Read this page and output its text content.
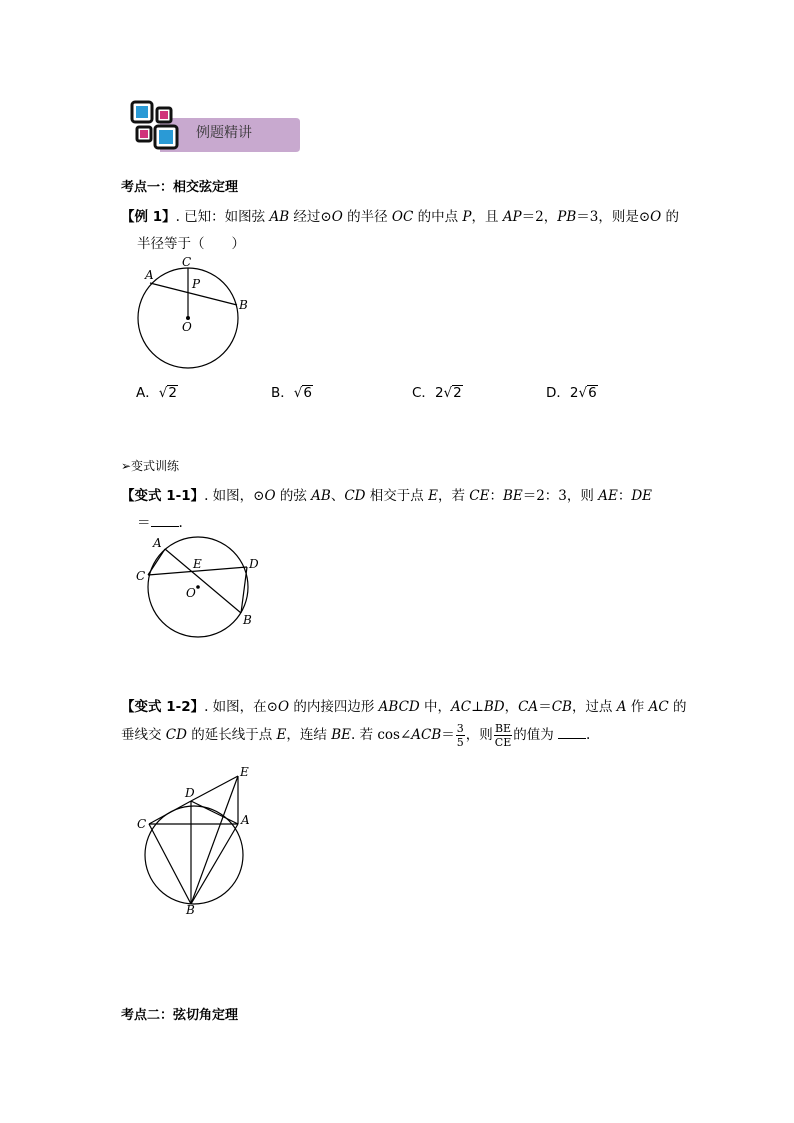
例题精讲
考点一：相交弦定理
【例 1】. 已知：如图弦 AB 经过⊙O 的半径 OC 的中点 P，且 AP＝2，PB＝3，则是⊙O 的
半径等于（　　）
C
A
P
B
O
A．√2	B．√6	C．2√2	D．2√6
➢变式训练
【变式 1-1】. 如图，⊙O 的弦 AB、CD 相交于点 E，若 CE：BE＝2：3，则 AE：DE
＝ .
A
C
E	D
O
B
【变式 1-2】. 如图，在⊙O 的内接四边形 ABCD 中，AC⊥BD，CA＝CB，过点 A 作 AC 的
垂线交 CD 的延长线于点 E，连结 BE. 若 cos∠ACB＝ $\frac{3}{5}$ ，则 $\frac{BE}{CE}$ 的值为 .
E
D
C	A
B
考点二：弦切角定理
